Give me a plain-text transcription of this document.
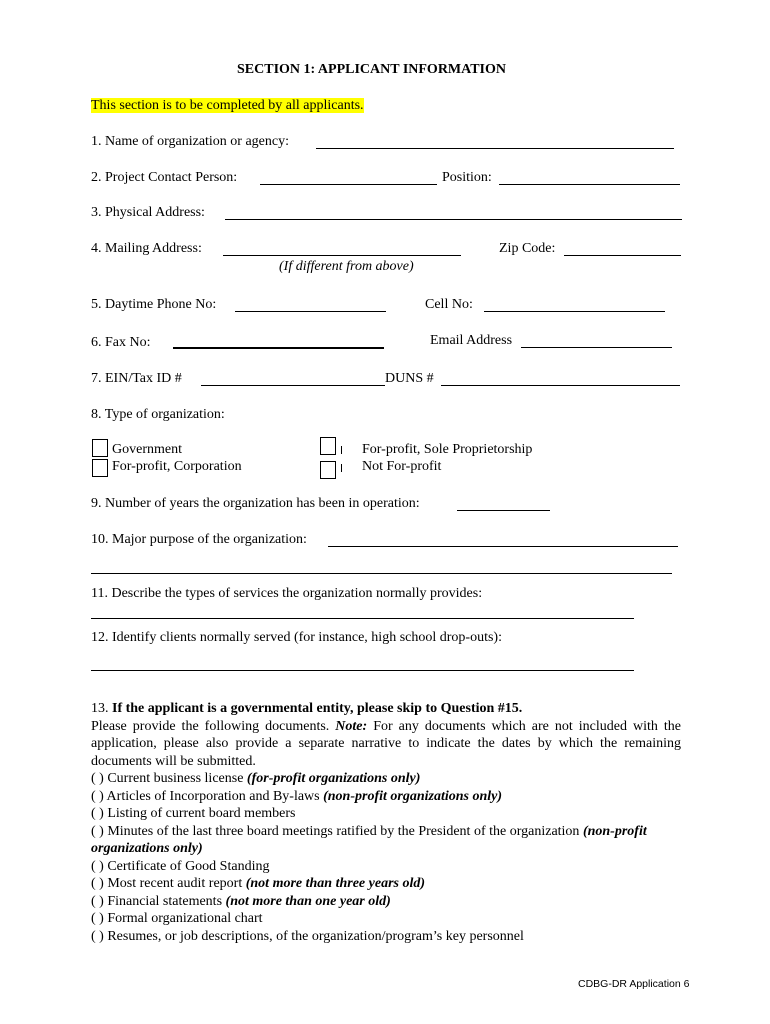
SECTION 1: APPLICANT INFORMATION
This section is to be completed by all applicants.
1. Name of organization or agency:
2. Project Contact Person:	Position:
3. Physical Address:
4. Mailing Address:	Zip Code:
(If different from above)
5. Daytime Phone No:	Cell No:
6. Fax No:	Email Address
7. EIN/Tax ID #	DUNS #
8. Type of organization:
Government
For-profit, Corporation
For-profit, Sole Proprietorship
Not For-profit
9. Number of years the organization has been in operation:
10. Major purpose of the organization:
11. Describe the types of services the organization normally provides:
12. Identify clients normally served (for instance, high school drop-outs):

13. If the applicant is a governmental entity, please skip to Question #15.

Please provide the following documents. Note: For any documents which are not included with the application, please also provide a separate narrative to indicate the dates by which the remaining documents will be submitted.

( ) Current business license (for-profit organizations only)
( ) Articles of Incorporation and By-laws (non-profit organizations only)
( ) Listing of current board members
( ) Minutes of the last three board meetings ratified by the President of the organization (non-profit organizations only)
( ) Certificate of Good Standing
( ) Most recent audit report (not more than three years old)
( ) Financial statements (not more than one year old)
( ) Formal organizational chart
( ) Resumes, or job descriptions, of the organization/program’s key personnel
CDBG-DR Application 6
